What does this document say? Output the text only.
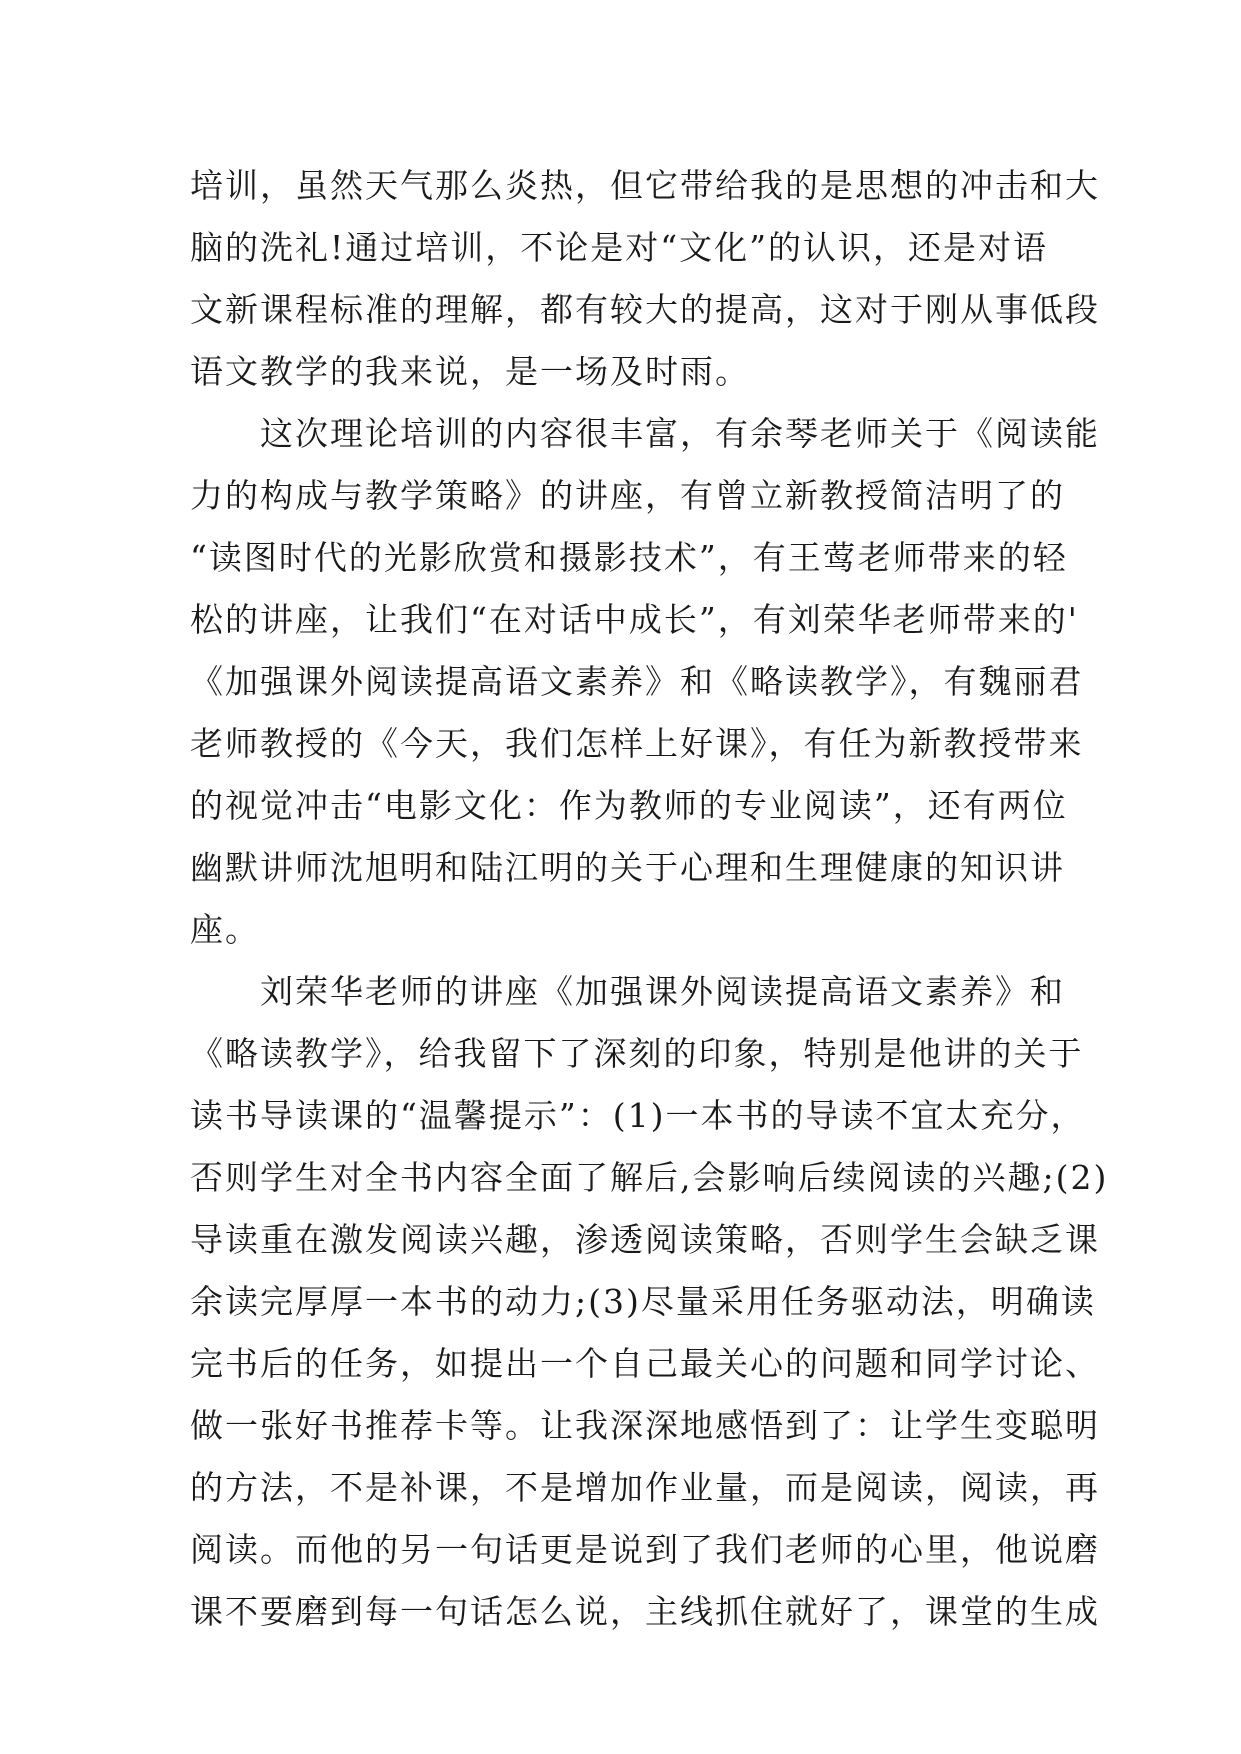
培训，虽然天气那么炎热，但它带给我的是思想的冲击和大
脑的洗礼!通过培训，不论是对“文化”的认识，还是对语
文新课程标准的理解，都有较大的提高，这对于刚从事低段
语文教学的我来说，是一场及时雨。
　　这次理论培训的内容很丰富，有余琴老师关于《阅读能
力的构成与教学策略》的讲座，有曾立新教授简洁明了的
“读图时代的光影欣赏和摄影技术”，有王莺老师带来的轻
松的讲座，让我们“在对话中成长”，有刘荣华老师带来的'
《加强课外阅读提高语文素养》和《略读教学》，有魏丽君
老师教授的《今天，我们怎样上好课》，有任为新教授带来
的视觉冲击“电影文化：作为教师的专业阅读”，还有两位
幽默讲师沈旭明和陆江明的关于心理和生理健康的知识讲
座。
　　刘荣华老师的讲座《加强课外阅读提高语文素养》和
《略读教学》，给我留下了深刻的印象，特别是他讲的关于
读书导读课的“温馨提示”：(1)一本书的导读不宜太充分，
否则学生对全书内容全面了解后,会影响后续阅读的兴趣;(2)
导读重在激发阅读兴趣，渗透阅读策略，否则学生会缺乏课
余读完厚厚一本书的动力;(3)尽量采用任务驱动法，明确读
完书后的任务，如提出一个自己最关心的问题和同学讨论、
做一张好书推荐卡等。让我深深地感悟到了：让学生变聪明
的方法，不是补课，不是增加作业量，而是阅读，阅读，再
阅读。而他的另一句话更是说到了我们老师的心里，他说磨
课不要磨到每一句话怎么说，主线抓住就好了，课堂的生成
